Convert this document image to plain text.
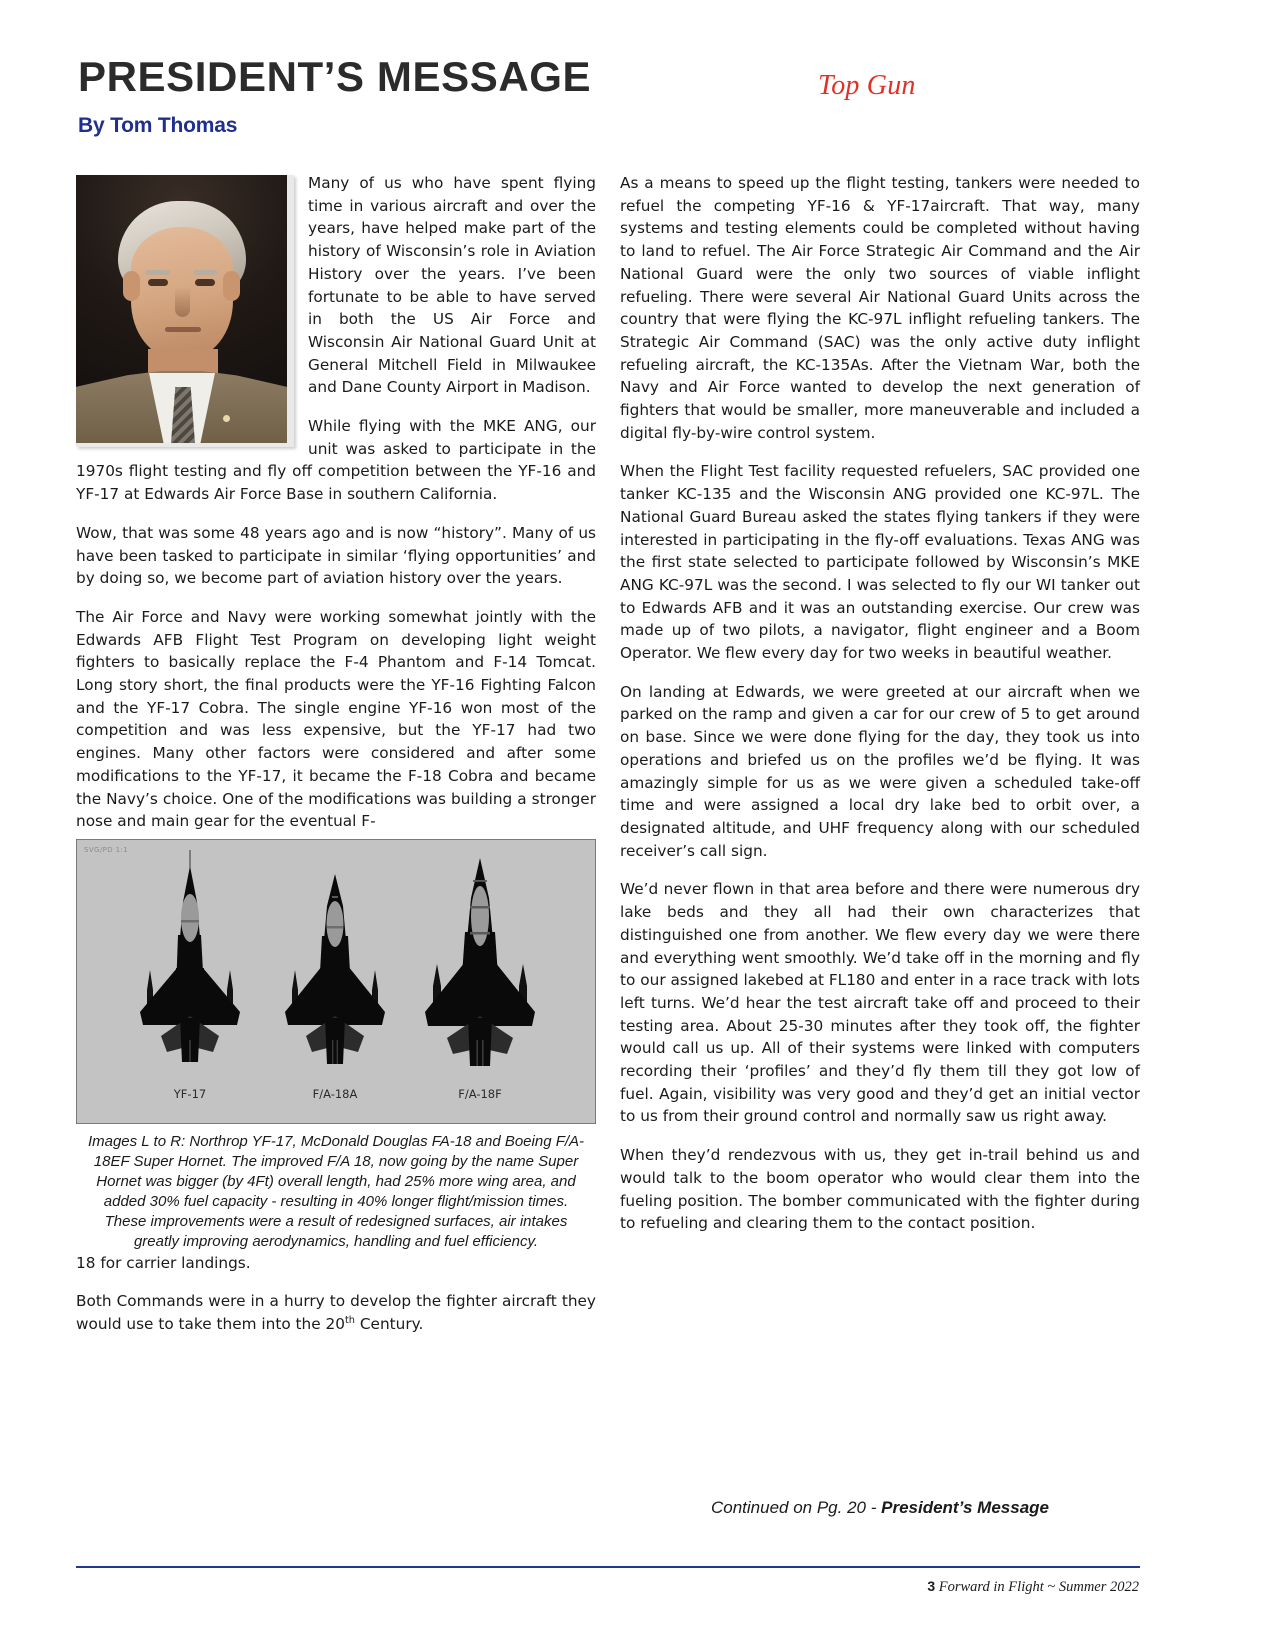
PRESIDENT’S MESSAGE	Top Gun
By Tom Thomas

Many of us who have spent flying time in various aircraft and over the years, have helped make part of the history of Wisconsin’s role in Aviation History over the years. I’ve been fortunate to be able to have served in both the US Air Force and Wisconsin Air National Guard Unit at General Mitchell Field in Milwaukee and Dane County Airport in Madison.

While flying with the MKE ANG, our unit was asked to participate in the 1970s flight testing and fly off competition between the YF-16 and YF-17 at Edwards Air Force Base in southern California.

Wow, that was some 48 years ago and is now “history”. Many of us have been tasked to participate in similar ‘flying opportunities’ and by doing so, we become part of aviation history over the years.

The Air Force and Navy were working somewhat jointly with the Edwards AFB Flight Test Program on developing light weight fighters to basically replace the F-4 Phantom and F-14 Tomcat. Long story short, the final products were the YF-16 Fighting Falcon and the YF-17 Cobra. The single engine YF-16 won most of the competition and was less expensive, but the YF-17 had two engines. Many other factors were considered and after some modifications to the YF-17, it became the F-18 Cobra and became the Navy’s choice. One of the modifications was building a stronger nose and main gear for the eventual F-

SVG/PD 1:1
YF-17	F/A-18A	F/A-18F
Images L to R: Northrop YF-17, McDonald Douglas FA-18 and Boeing F/A-18EF Super Hornet. The improved F/A 18, now going by the name Super Hornet was bigger (by 4Ft) overall length, had 25% more wing area, and added 30% fuel capacity - resulting in 40% longer flight/mission times. These improvements were a result of redesigned surfaces, air intakes greatly improving aerodynamics, handling and fuel efficiency.

18 for carrier landings.

Both Commands were in a hurry to develop the fighter aircraft they would use to take them into the 20th Century.

As a means to speed up the flight testing, tankers were needed to refuel the competing YF-16 & YF-17aircraft. That way, many systems and testing elements could be completed without having to land to refuel. The Air Force Strategic Air Command and the Air National Guard were the only two sources of viable inflight refueling. There were several Air National Guard Units across the country that were flying the KC-97L inflight refueling tankers. The Strategic Air Command (SAC) was the only active duty inflight refueling aircraft, the KC-135As. After the Vietnam War, both the Navy and Air Force wanted to develop the next generation of fighters that would be smaller, more maneuverable and included a digital fly-by-wire control system.

When the Flight Test facility requested refuelers, SAC provided one tanker KC-135 and the Wisconsin ANG provided one KC-97L. The National Guard Bureau asked the states flying tankers if they were interested in participating in the fly-off evaluations. Texas ANG was the first state selected to participate followed by Wisconsin’s MKE ANG KC-97L was the second. I was selected to fly our WI tanker out to Edwards AFB and it was an outstanding exercise. Our crew was made up of two pilots, a navigator, flight engineer and a Boom Operator. We flew every day for two weeks in beautiful weather.

On landing at Edwards, we were greeted at our aircraft when we parked on the ramp and given a car for our crew of 5 to get around on base. Since we were done flying for the day, they took us into operations and briefed us on the profiles we’d be flying. It was amazingly simple for us as we were given a scheduled take-off time and were assigned a local dry lake bed to orbit over, a designated altitude, and UHF frequency along with our scheduled receiver’s call sign.

We’d never flown in that area before and there were numerous dry lake beds and they all had their own characterizes that distinguished one from another. We flew every day we were there and everything went smoothly. We’d take off in the morning and fly to our assigned lakebed at FL180 and enter in a race track with lots left turns. We’d hear the test aircraft take off and proceed to their testing area. About 25-30 minutes after they took off, the fighter would call us up. All of their systems were linked with computers recording their ‘profiles’ and they’d fly them till they got low of fuel. Again, visibility was very good and they’d get an initial vector to us from their ground control and normally saw us right away.

When they’d rendezvous with us, they get in-trail behind us and would talk to the boom operator who would clear them into the fueling position. The bomber communicated with the fighter during to refueling and clearing them to the contact position.

Continued on Pg. 20 - President’s Message
3 Forward in Flight ~ Summer 2022
